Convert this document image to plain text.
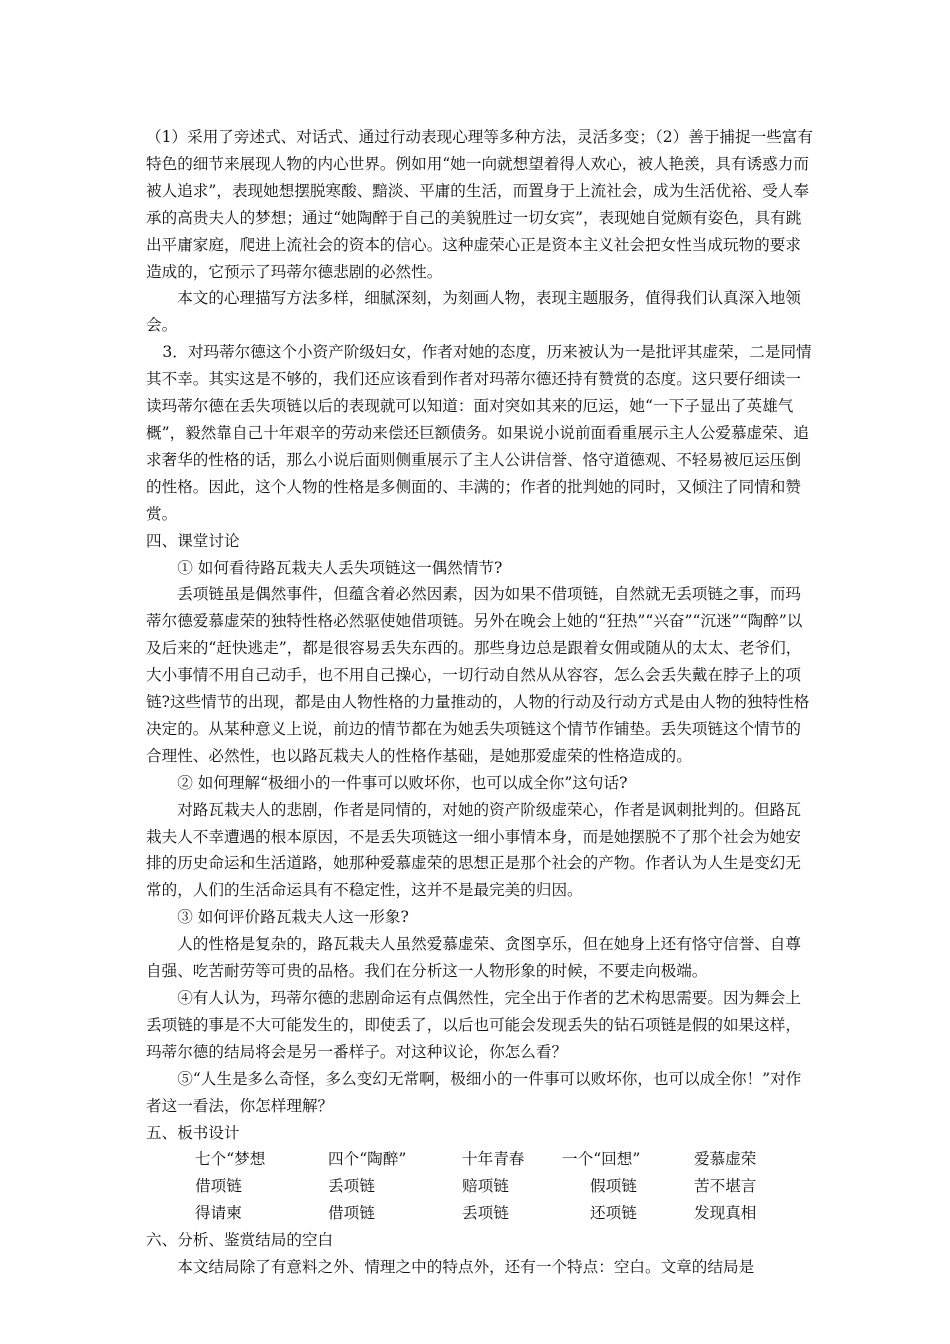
（1）采用了旁述式、对话式、通过行动表现心理等多种方法，灵活多变；（2）善于捕捉一些富有特色的细节来展现人物的内心世界。例如用“她一向就想望着得人欢心，被人艳羡，具有诱惑力而被人追求”，表现她想摆脱寒酸、黯淡、平庸的生活，而置身于上流社会，成为生活优裕、受人奉承的高贵夫人的梦想；通过“她陶醉于自己的美貌胜过一切女宾”，表现她自觉颇有姿色，具有跳出平庸家庭，爬进上流社会的资本的信心。这种虚荣心正是资本主义社会把女性当成玩物的要求造成的，它预示了玛蒂尔德悲剧的必然性。

本文的心理描写方法多样，细腻深刻，为刻画人物，表现主题服务，值得我们认真深入地领会。

3．对玛蒂尔德这个小资产阶级妇女，作者对她的态度，历来被认为一是批评其虚荣，二是同情其不幸。其实这是不够的，我们还应该看到作者对玛蒂尔德还持有赞赏的态度。这只要仔细读一读玛蒂尔德在丢失项链以后的表现就可以知道：面对突如其来的厄运，她“一下子显出了英雄气概”，毅然靠自己十年艰辛的劳动来偿还巨额债务。如果说小说前面看重展示主人公爱慕虚荣、追求奢华的性格的话，那么小说后面则侧重展示了主人公讲信誉、恪守道德观、不轻易被厄运压倒的性格。因此，这个人物的性格是多侧面的、丰满的；作者的批判她的同时，又倾注了同情和赞赏。

四、课堂讨论

① 如何看待路瓦栽夫人丢失项链这一偶然情节?

丢项链虽是偶然事件，但蕴含着必然因素，因为如果不借项链，自然就无丢项链之事，而玛蒂尔德爱慕虚荣的独特性格必然驱使她借项链。另外在晚会上她的“狂热”“兴奋”“沉迷”“陶醉”以及后来的“赶快逃走”，都是很容易丢失东西的。那些身边总是跟着女佣或随从的太太、老爷们，大小事情不用自己动手，也不用自己操心，一切行动自然从从容容，怎么会丢失戴在脖子上的项链?这些情节的出现，都是由人物性格的力量推动的，人物的行动及行动方式是由人物的独特性格决定的。从某种意义上说，前边的情节都在为她丢失项链这个情节作铺垫。丢失项链这个情节的合理性、必然性，也以路瓦栽夫人的性格作基础，是她那爱虚荣的性格造成的。

② 如何理解“极细小的一件事可以败坏你，也可以成全你”这句话?

对路瓦栽夫人的悲剧，作者是同情的，对她的资产阶级虚荣心，作者是讽刺批判的。但路瓦栽夫人不幸遭遇的根本原因，不是丢失项链这一细小事情本身，而是她摆脱不了那个社会为她安排的历史命运和生活道路，她那种爱慕虚荣的思想正是那个社会的产物。作者认为人生是变幻无常的，人们的生活命运具有不稳定性，这并不是最完美的归因。

③ 如何评价路瓦栽夫人这一形象?

人的性格是复杂的，路瓦栽夫人虽然爱慕虚荣、贪图享乐，但在她身上还有恪守信誉、自尊自强、吃苦耐劳等可贵的品格。我们在分析这一人物形象的时候，不要走向极端。

④有人认为，玛蒂尔德的悲剧命运有点偶然性，完全出于作者的艺术构思需要。因为舞会上丢项链的事是不大可能发生的，即使丢了，以后也可能会发现丢失的钻石项链是假的如果这样，玛蒂尔德的结局将会是另一番样子。对这种议论，你怎么看？

⑤“人生是多么奇怪，多么变幻无常啊，极细小的一件事可以败坏你，也可以成全你！”对作者这一看法，你怎样理解？

五、板书设计

七个“梦想	四个“陶醉”	十年青春 一个“回想”	爱慕虚荣
借项链	丢项链	赔项链	假项链	苦不堪言
得请柬	借项链	丢项链	还项链	发现真相

六、分析、鉴赏结局的空白

本文结局除了有意料之外、情理之中的特点外，还有一个特点：空白。文章的结局是
